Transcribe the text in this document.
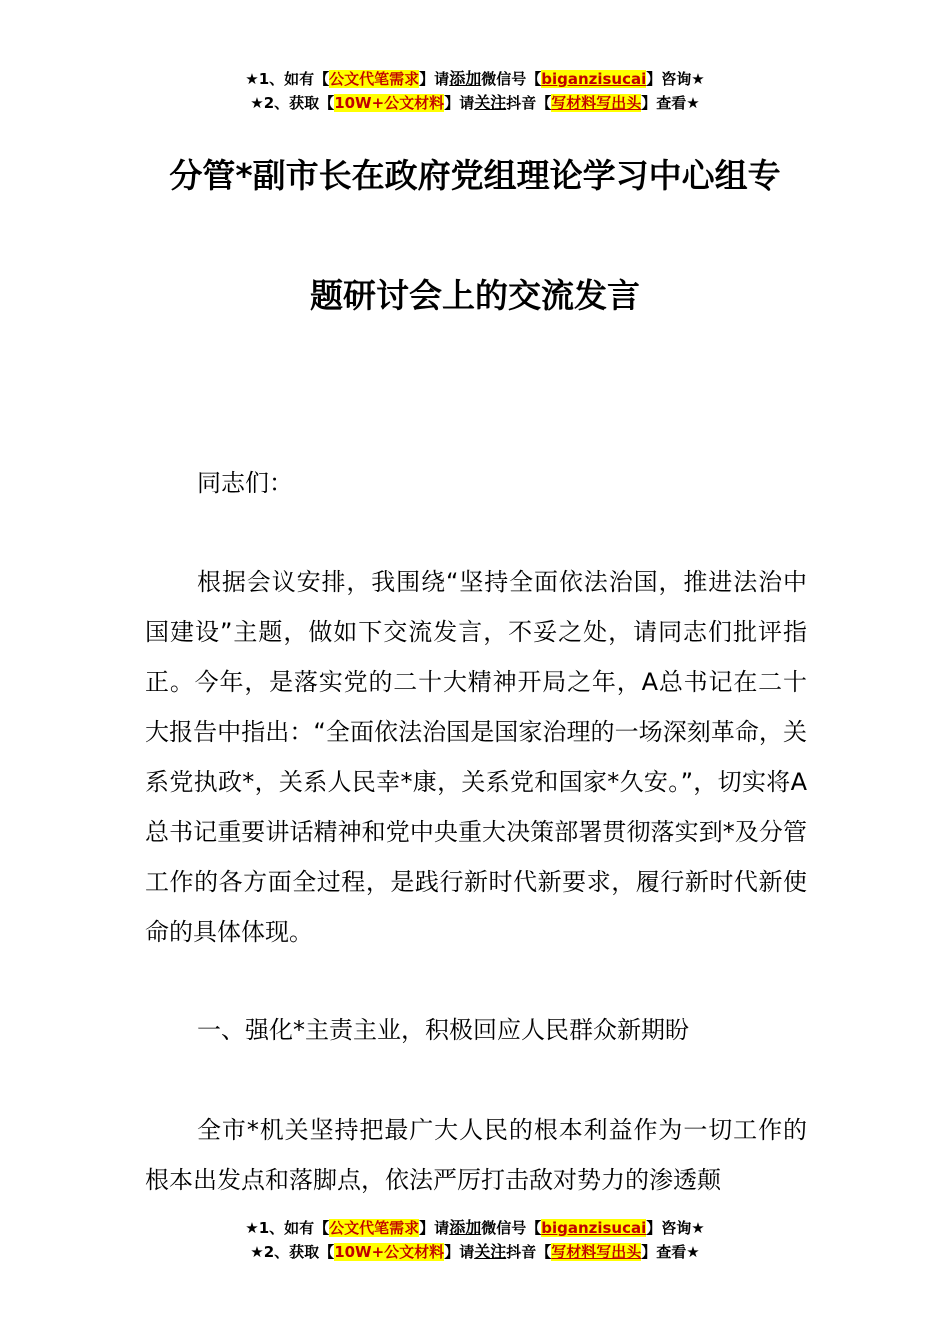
★1、如有【公文代笔需求】请添加微信号【biganzisucai】咨询★
★2、获取【10W+公文材料】请关注抖音【写材料写出头】查看★
分管*副市长在政府党组理论学习中心组专
题研讨会上的交流发言
同志们：
根据会议安排，我围绕“坚持全面依法治国，推进法治中国建设”主题，做如下交流发言，不妥之处，请同志们批评指正。今年，是落实党的二十大精神开局之年，A总书记在二十大报告中指出：“全面依法治国是国家治理的一场深刻革命，关系党执政*，关系人民幸*康，关系党和国家*久安。”，切实将A总书记重要讲话精神和党中央重大决策部署贯彻落实到*及分管工作的各方面全过程，是践行新时代新要求，履行新时代新使命的具体体现。
一、强化*主责主业，积极回应人民群众新期盼
全市*机关坚持把最广大人民的根本利益作为一切工作的根本出发点和落脚点，依法严厉打击敌对势力的渗透颠
★1、如有【公文代笔需求】请添加微信号【biganzisucai】咨询★
★2、获取【10W+公文材料】请关注抖音【写材料写出头】查看★
